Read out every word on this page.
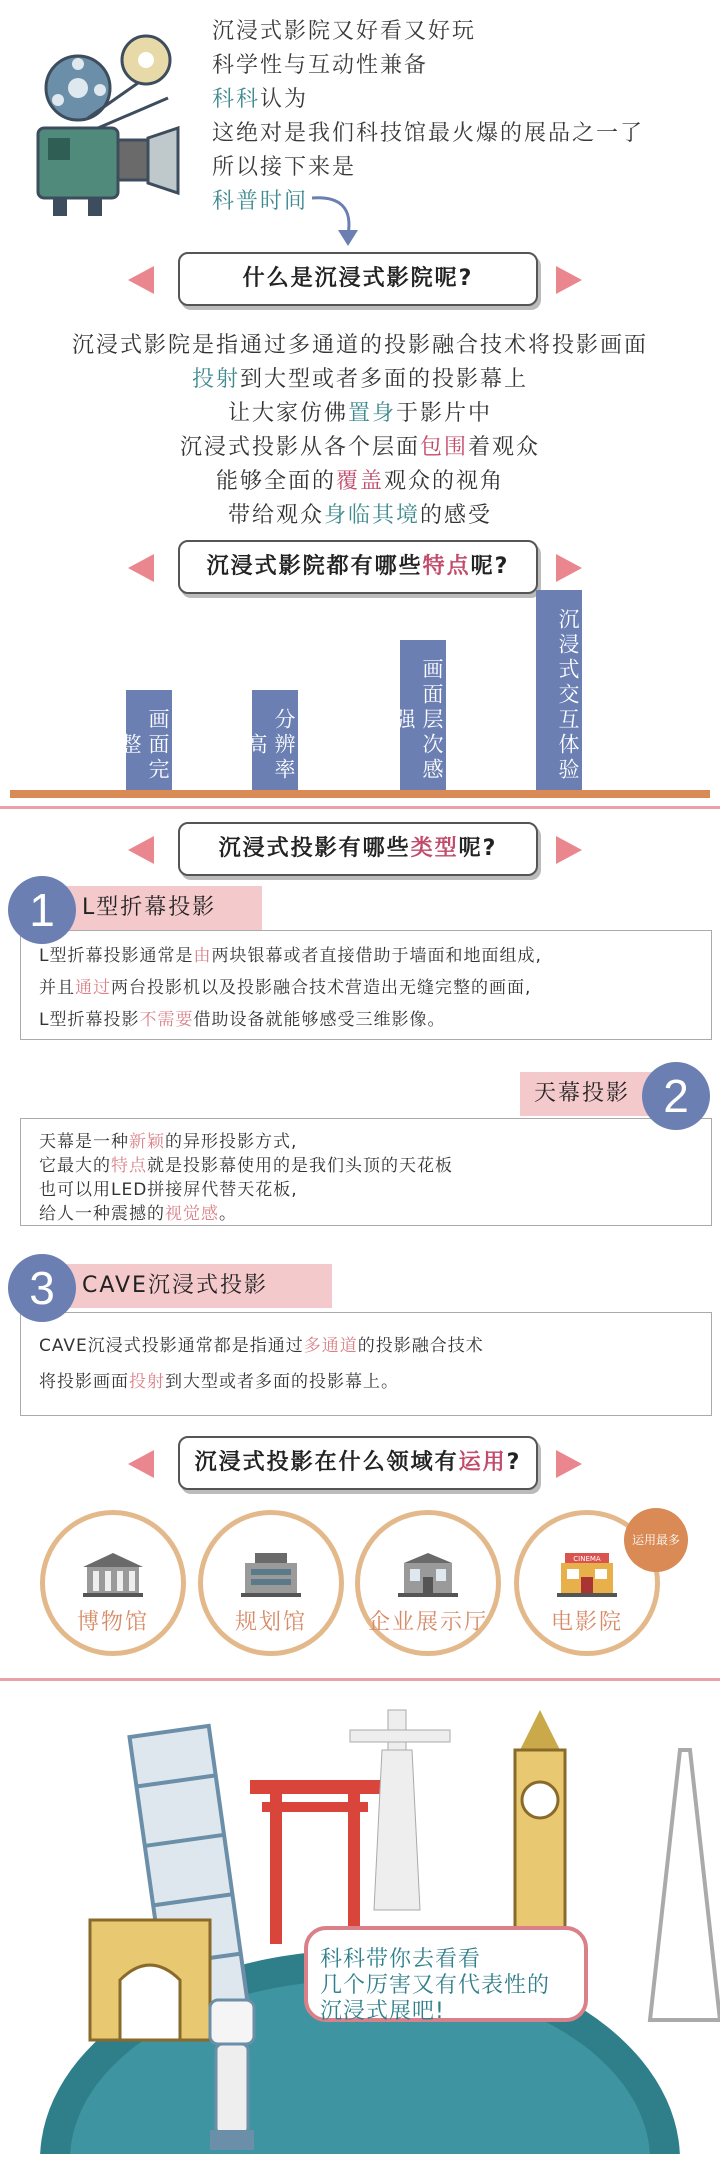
沉浸式影院又好看又好玩
科学性与互动性兼备
科科认为
这绝对是我们科技馆最火爆的展品之一了
所以接下来是
科普时间
什么是沉浸式影院呢?
沉浸式影院是指通过多通道的投影融合技术将投影画面
投射到大型或者多面的投影幕上
让大家仿佛置身于影片中
沉浸式投影从各个层面包围着观众
能够全面的覆盖观众的视角
带给观众身临其境的感受
沉浸式影院都有哪些特点呢?
画面完整	分辨率高	画面层次感强	沉浸式交互体验
沉浸式投影有哪些类型呢?
L型折幕投影通常是由两块银幕或者直接借助于墙面和地面组成,
并且通过两台投影机以及投影融合技术营造出无缝完整的画面,
L型折幕投影不需要借助设备就能够感受三维影像。
L型折幕投影
1
天幕是一种新颖的异形投影方式,
它最大的特点就是投影幕使用的是我们头顶的天花板
也可以用LED拼接屏代替天花板,
给人一种震撼的视觉感。
天幕投影 2
CAVE沉浸式投影通常都是指通过多通道的投影融合技术
将投影画面投射到大型或者多面的投影幕上。
CAVE沉浸式投影
3
沉浸式投影在什么领域有运用?
博物馆	规划馆	企业展示厅
CINEMA
电影院
运用最多
科科带你去看看
几个厉害又有代表性的
沉浸式展吧!
